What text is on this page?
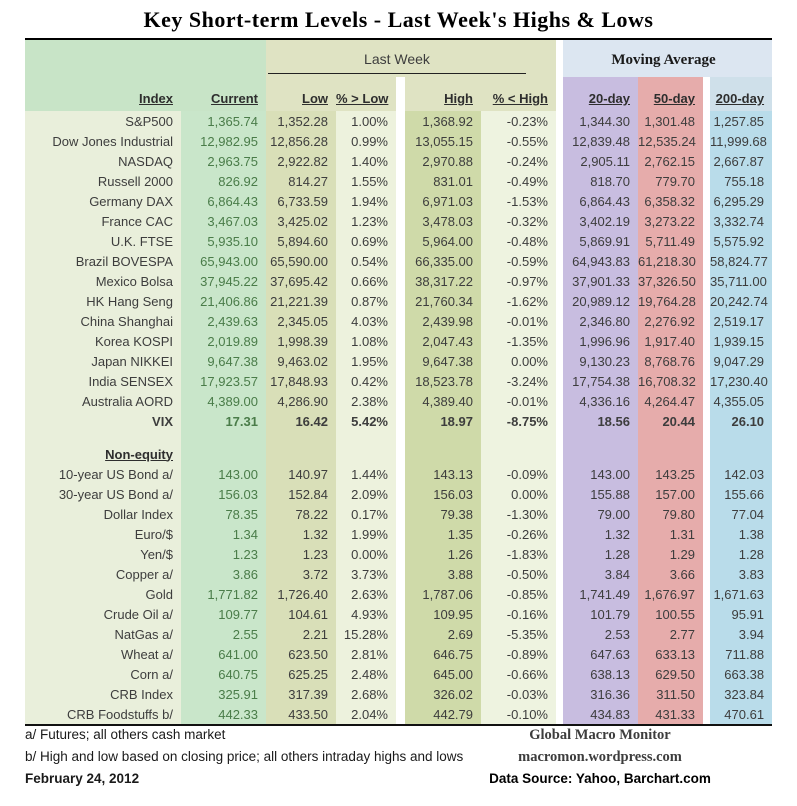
Key Short-term Levels - Last Week's Highs & Lows

		Last Week						Moving Average			

Index	Current	Low	% > Low		High	% < High		20-day	50-day		200-day
S&P500	1,365.74	1,352.28	1.00%		1,368.92	-0.23%		1,344.30	1,301.48		1,257.85
Dow Jones Industrial	12,982.95	12,856.28	0.99%		13,055.15	-0.55%		12,839.48	12,535.24		11,999.68
NASDAQ	2,963.75	2,922.82	1.40%		2,970.88	-0.24%		2,905.11	2,762.15		2,667.87
Russell 2000	826.92	814.27	1.55%		831.01	-0.49%		818.70	779.70		755.18
Germany DAX	6,864.43	6,733.59	1.94%		6,971.03	-1.53%		6,864.43	6,358.32		6,295.29
France CAC	3,467.03	3,425.02	1.23%		3,478.03	-0.32%		3,402.19	3,273.22		3,332.74
U.K. FTSE	5,935.10	5,894.60	0.69%		5,964.00	-0.48%		5,869.91	5,711.49		5,575.92
Brazil BOVESPA	65,943.00	65,590.00	0.54%		66,335.00	-0.59%		64,943.83	61,218.30		58,824.77
Mexico Bolsa	37,945.22	37,695.42	0.66%		38,317.22	-0.97%		37,901.33	37,326.50		35,711.00
HK Hang Seng	21,406.86	21,221.39	0.87%		21,760.34	-1.62%		20,989.12	19,764.28		20,242.74
China Shanghai	2,439.63	2,345.05	4.03%		2,439.98	-0.01%		2,346.80	2,276.92		2,519.17
Korea KOSPI	2,019.89	1,998.39	1.08%		2,047.43	-1.35%		1,996.96	1,917.40		1,939.15
Japan NIKKEI	9,647.38	9,463.02	1.95%		9,647.38	0.00%		9,130.23	8,768.76		9,047.29
India SENSEX	17,923.57	17,848.93	0.42%		18,523.78	-3.24%		17,754.38	16,708.32		17,230.40
Australia AORD	4,389.00	4,286.90	2.38%		4,389.40	-0.01%		4,336.16	4,264.47		4,355.05
VIX	17.31	16.42	5.42%		18.97	-8.75%		18.56	20.44		26.10

Non-equity											
10-year US Bond a/	143.00	140.97	1.44%		143.13	-0.09%		143.00	143.25		142.03
30-year US Bond a/	156.03	152.84	2.09%		156.03	0.00%		155.88	157.00		155.66
Dollar Index	78.35	78.22	0.17%		79.38	-1.30%		79.00	79.80		77.04
Euro/$	1.34	1.32	1.99%		1.35	-0.26%		1.32	1.31		1.38
Yen/$	1.23	1.23	0.00%		1.26	-1.83%		1.28	1.29		1.28
Copper a/	3.86	3.72	3.73%		3.88	-0.50%		3.84	3.66		3.83
Gold	1,771.82	1,726.40	2.63%		1,787.06	-0.85%		1,741.49	1,676.97		1,671.63
Crude Oil a/	109.77	104.61	4.93%		109.95	-0.16%		101.79	100.55		95.91
NatGas a/	2.55	2.21	15.28%		2.69	-5.35%		2.53	2.77		3.94
Wheat a/	641.00	623.50	2.81%		646.75	-0.89%		647.63	633.13		711.88
Corn a/	640.75	625.25	2.48%		645.00	-0.66%		638.13	629.50		663.38
CRB Index	325.91	317.39	2.68%		326.02	-0.03%		316.36	311.50		323.84
CRB Foodstuffs b/	442.33	433.50	2.04%		442.79	-0.10%		434.83	431.33		470.61
a/ Futures; all others cash market
b/ High and low based on closing price; all others intraday highs and lows
February 24, 2012
Global Macro Monitor
macromon.wordpress.com
Data Source: Yahoo, Barchart.com
